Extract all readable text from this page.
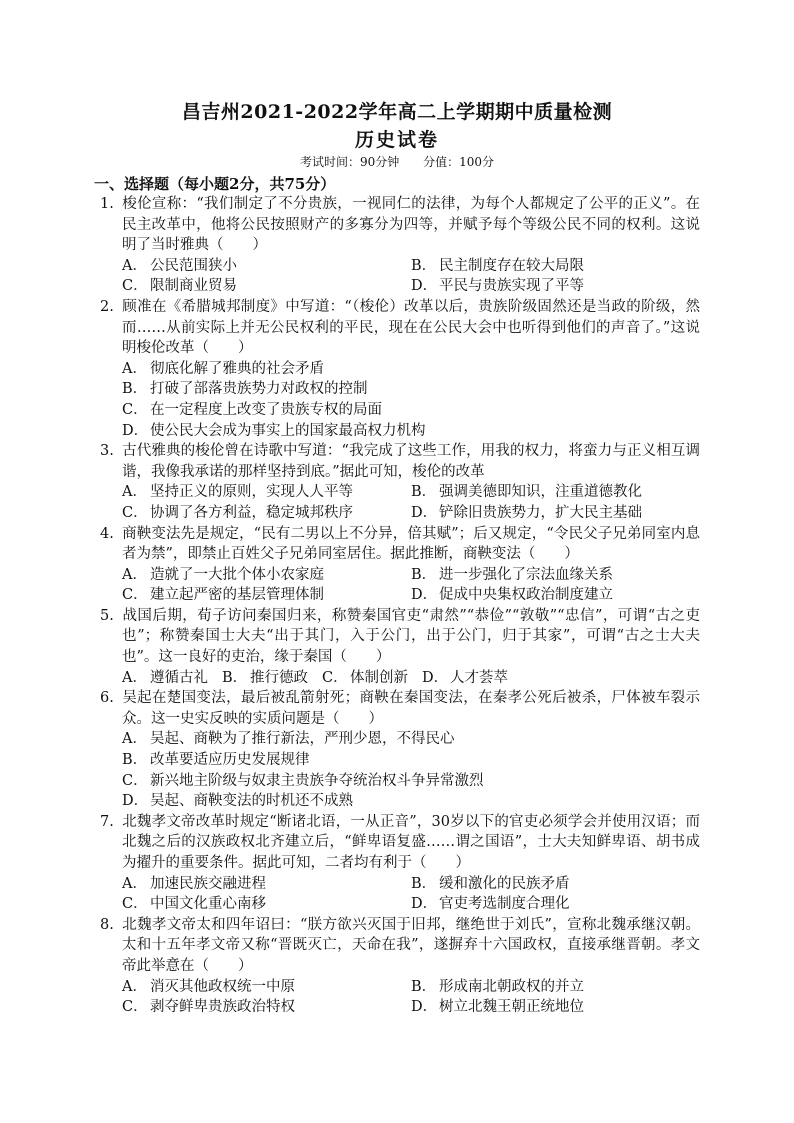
昌吉州2021-2022学年高二上学期期中质量检测
历史试卷
考试时间：90分钟 分值：100分
一、选择题（每小题2分，共75分）
1. 梭伦宣称：“我们制定了不分贵族，一视同仁的法律，为每个人都规定了公平的正义”。在民主改革中，他将公民按照财产的多寡分为四等，并赋予每个等级公民不同的权利。这说明了当时雅典（　　）
A． 公民范围狭小	B． 民主制度存在较大局限
C． 限制商业贸易	D． 平民与贵族实现了平等
2. 顾准在《希腊城邦制度》中写道：“（梭伦）改革以后，贵族阶级固然还是当政的阶级，然而……从前实际上并无公民权利的平民，现在在公民大会中也听得到他们的声音了。”这说明梭伦改革（　　）
A． 彻底化解了雅典的社会矛盾
B． 打破了部落贵族势力对政权的控制
C． 在一定程度上改变了贵族专权的局面
D． 使公民大会成为事实上的国家最高权力机构
3. 古代雅典的梭伦曾在诗歌中写道：“我完成了这些工作，用我的权力，将蛮力与正义相互调谐，我像我承诺的那样坚持到底。”据此可知，梭伦的改革
A． 坚持正义的原则，实现人人平等	B． 强调美德即知识，注重道德教化
C． 协调了各方利益，稳定城邦秩序	D． 铲除旧贵族势力，扩大民主基础
4. 商鞅变法先是规定，“民有二男以上不分异，倍其赋”；后又规定，“令民父子兄弟同室内息者为禁”，即禁止百姓父子兄弟同室居住。据此推断，商鞅变法（　　）
A． 造就了一大批个体小农家庭	B． 进一步强化了宗法血缘关系
C． 建立起严密的基层管理体制	D． 促成中央集权政治制度建立
5. 战国后期，荀子访问秦国归来，称赞秦国官吏“肃然”“恭俭”“敦敬”“忠信”，可谓“古之吏也”；称赞秦国士大夫“出于其门，入于公门，出于公门，归于其家”，可谓“古之士大夫也”。这一良好的吏治，缘于秦国（　　）
A． 遵循古礼 B． 推行德政 C． 体制创新 D． 人才荟萃
6. 吴起在楚国变法，最后被乱箭射死；商鞅在秦国变法，在秦孝公死后被杀，尸体被车裂示众。这一史实反映的实质问题是（　　）
A． 吴起、商鞅为了推行新法，严刑少恩，不得民心
B． 改革要适应历史发展规律
C． 新兴地主阶级与奴隶主贵族争夺统治权斗争异常激烈
D． 吴起、商鞅变法的时机还不成熟
7. 北魏孝文帝改革时规定“断诸北语，一从正音”，30岁以下的官吏必须学会并使用汉语；而北魏之后的汉族政权北齐建立后，“鲜卑语复盛……谓之国语”，士大夫知鲜卑语、胡书成为擢升的重要条件。据此可知，二者均有利于（　　）
A． 加速民族交融进程	B． 缓和激化的民族矛盾
C． 中国文化重心南移	D． 官吏考选制度合理化
8. 北魏孝文帝太和四年诏曰：“朕方欲兴灭国于旧邦，继绝世于刘氏”，宣称北魏承继汉朝。太和十五年孝文帝又称“晋既灭亡，天命在我”，遂摒弃十六国政权，直接承继晋朝。孝文帝此举意在（　　）
A． 消灭其他政权统一中原	B． 形成南北朝政权的并立
C． 剥夺鲜卑贵族政治特权	D． 树立北魏王朝正统地位
